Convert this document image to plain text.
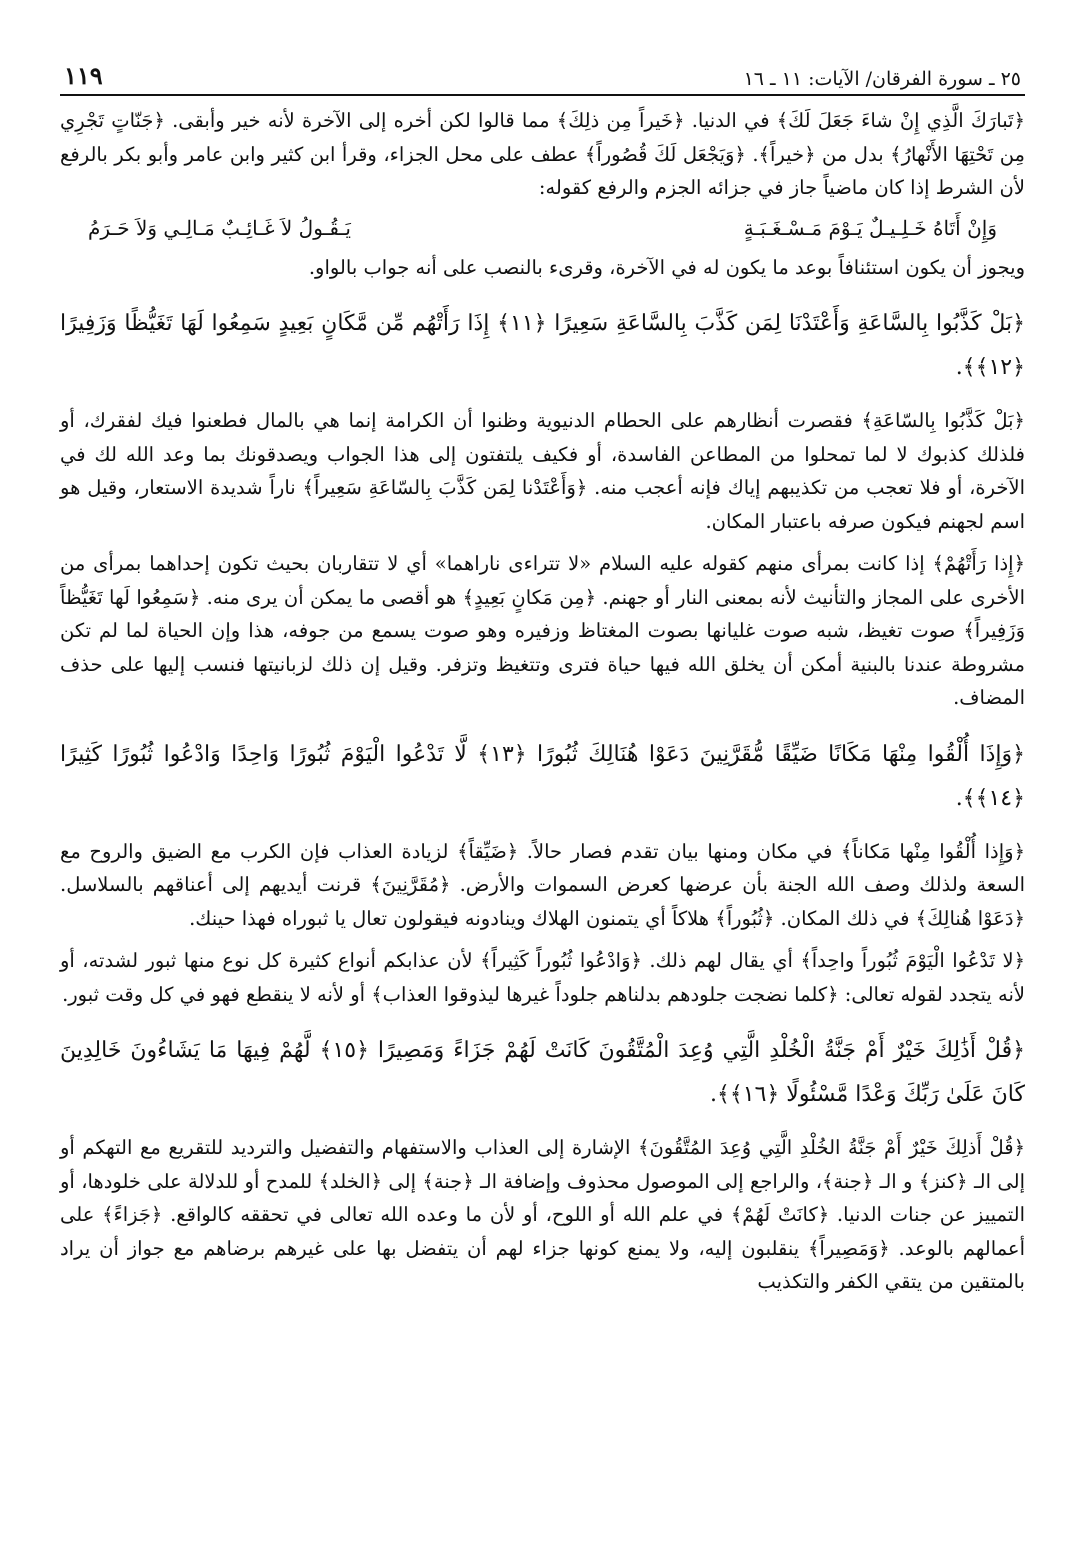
٢٥ ـ سورة الفرقان/ الآيات: ١١ ـ ١٦
١١٩

﴿تَبارَكَ الَّذِي إِنْ شاءَ جَعَلَ لَكَ﴾ في الدنيا. ﴿خَيراً مِن ذلِكَ﴾ مما قالوا لكن أخره إلى الآخرة لأنه خير وأبقى. ﴿جَنّاتٍ تَجْرِي مِن تَحْتِهَا الأَنْهارُ﴾ بدل من ﴿خيراً﴾. ﴿وَيَجْعَل لَكَ قُصُوراً﴾ عطف على محل الجزاء، وقرأ ابن كثير وابن عامر وأبو بكر بالرفع لأن الشرط إذا كان ماضياً جاز في جزائه الجزم والرفع كقوله:

وَإِنْ أَتَاهُ خَـلِـيـلٌ يَـوْمَ مَـسْـغَـبَـةٍ
يَـقُـولُ لاَ غَـائِـبٌ مَـالِـي وَلاَ حَـرَمُ

ويجوز أن يكون استئنافاً بوعد ما يكون له في الآخرة، وقرىء بالنصب على أنه جواب بالواو.

﴿بَلْ كَذَّبُوا بِالسَّاعَةِ وَأَعْتَدْنَا لِمَن كَذَّبَ بِالسَّاعَةِ سَعِيرًا ﴿١١﴾ إِذَا رَأَتْهُم مِّن مَّكَانٍ بَعِيدٍ سَمِعُوا لَهَا تَغَيُّظًا وَزَفِيرًا ﴿١٢﴾﴾.

﴿بَلْ كَذَّبُوا بِالسّاعَةِ﴾ فقصرت أنظارهم على الحطام الدنيوية وظنوا أن الكرامة إنما هي بالمال فطعنوا فيك لفقرك، أو فلذلك كذبوك لا لما تمحلوا من المطاعن الفاسدة، أو فكيف يلتفتون إلى هذا الجواب ويصدقونك بما وعد الله لك في الآخرة، أو فلا تعجب من تكذيبهم إياك فإنه أعجب منه. ﴿وَأَعْتَدْنا لِمَن كَذَّبَ بِالسّاعَةِ سَعِيراً﴾ ناراً شديدة الاستعار، وقيل هو اسم لجهنم فيكون صرفه باعتبار المكان.

﴿إِذا رَأَتْهُمْ﴾ إذا كانت بمرأى منهم كقوله عليه السلام «لا تتراءى ناراهما» أي لا تتقاربان بحيث تكون إحداهما بمرأى من الأخرى على المجاز والتأنيث لأنه بمعنى النار أو جهنم. ﴿مِن مَكانٍ بَعِيدٍ﴾ هو أقصى ما يمكن أن يرى منه. ﴿سَمِعُوا لَها تَغَيُّظاً وَزَفِيراً﴾ صوت تغيظ، شبه صوت غليانها بصوت المغتاظ وزفيره وهو صوت يسمع من جوفه، هذا وإن الحياة لما لم تكن مشروطة عندنا بالبنية أمكن أن يخلق الله فيها حياة فترى وتتغيظ وتزفر. وقيل إن ذلك لزبانيتها فنسب إليها على حذف المضاف.

﴿وَإِذَا أُلْقُوا مِنْهَا مَكَانًا ضَيِّقًا مُّقَرَّنِينَ دَعَوْا هُنَالِكَ ثُبُورًا ﴿١٣﴾ لَّا تَدْعُوا الْيَوْمَ ثُبُورًا وَاحِدًا وَادْعُوا ثُبُورًا كَثِيرًا ﴿١٤﴾﴾.

﴿وَإِذا أُلْقُوا مِنْها مَكاناً﴾ في مكان ومنها بيان تقدم فصار حالاً. ﴿ضَيِّقاً﴾ لزيادة العذاب فإن الكرب مع الضيق والروح مع السعة ولذلك وصف الله الجنة بأن عرضها كعرض السموات والأرض. ﴿مُقَرَّنِينَ﴾ قرنت أيديهم إلى أعناقهم بالسلاسل. ﴿دَعَوْا هُنالِكَ﴾ في ذلك المكان. ﴿ثُبُوراً﴾ هلاكاً أي يتمنون الهلاك وينادونه فيقولون تعال يا ثبوراه فهذا حينك.

﴿لا تَدْعُوا الْيَوْمَ ثُبُوراً واحِداً﴾ أي يقال لهم ذلك. ﴿وَادْعُوا ثُبُوراً كَثِيراً﴾ لأن عذابكم أنواع كثيرة كل نوع منها ثبور لشدته، أو لأنه يتجدد لقوله تعالى: ﴿كلما نضجت جلودهم بدلناهم جلوداً غيرها ليذوقوا العذاب﴾ أو لأنه لا ينقطع فهو في كل وقت ثبور.

﴿قُلْ أَذَٰلِكَ خَيْرٌ أَمْ جَنَّةُ الْخُلْدِ الَّتِي وُعِدَ الْمُتَّقُونَ كَانَتْ لَهُمْ جَزَاءً وَمَصِيرًا ﴿١٥﴾ لَّهُمْ فِيهَا مَا يَشَاءُونَ خَالِدِينَ كَانَ عَلَىٰ رَبِّكَ وَعْدًا مَّسْئُولًا ﴿١٦﴾﴾.

﴿قُلْ أَذلِكَ خَيْرٌ أَمْ جَنَّةُ الخُلْدِ الَّتِي وُعِدَ المُتَّقُونَ﴾ الإشارة إلى العذاب والاستفهام والتفضيل والترديد للتقريع مع التهكم أو إلى الـ ﴿كنز﴾ و الـ ﴿جنة﴾، والراجع إلى الموصول محذوف وإضافة الـ ﴿جنة﴾ إلى ﴿الخلد﴾ للمدح أو للدلالة على خلودها، أو التمييز عن جنات الدنيا. ﴿كانَتْ لَهُمْ﴾ في علم الله أو اللوح، أو لأن ما وعده الله تعالى في تحققه كالواقع. ﴿جَزاءً﴾ على أعمالهم بالوعد. ﴿وَمَصِيراً﴾ ينقلبون إليه، ولا يمنع كونها جزاء لهم أن يتفضل بها على غيرهم برضاهم مع جواز أن يراد بالمتقين من يتقي الكفر والتكذيب
